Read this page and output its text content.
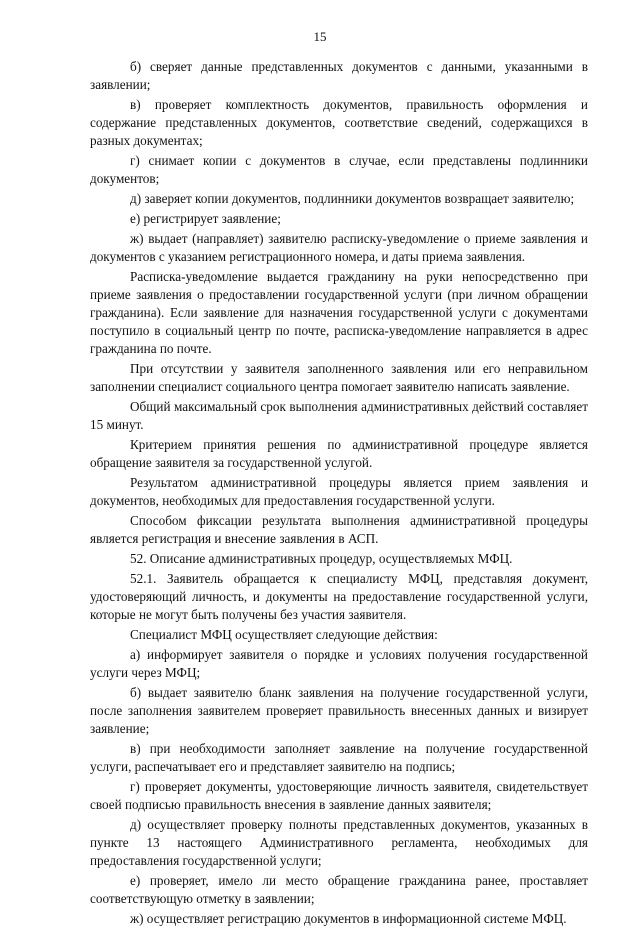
15

б) сверяет данные представленных документов с данными, указанными в заявлении;

в) проверяет комплектность документов, правильность оформления и содержание представленных документов, соответствие сведений, содержащихся в разных документах;

г) снимает копии с документов в случае, если представлены подлинники документов;

д) заверяет копии документов, подлинники документов возвращает заявителю;

е) регистрирует заявление;

ж) выдает (направляет) заявителю расписку-уведомление о приеме заявления и документов с указанием регистрационного номера, и даты приема заявления.

Расписка-уведомление выдается гражданину на руки непосредственно при приеме заявления о предоставлении государственной услуги (при личном обращении гражданина). Если заявление для назначения государственной услуги с документами поступило в социальный центр по почте, расписка-уведомление направляется в адрес гражданина по почте.

При отсутствии у заявителя заполненного заявления или его неправильном заполнении специалист социального центра помогает заявителю написать заявление.

Общий максимальный срок выполнения административных действий составляет 15 минут.

Критерием принятия решения по административной процедуре является обращение заявителя за государственной услугой.

Результатом административной процедуры является прием заявления и документов, необходимых для предоставления государственной услуги.

Способом фиксации результата выполнения административной процедуры является регистрация и внесение заявления в АСП.

52. Описание административных процедур, осуществляемых МФЦ.

52.1. Заявитель обращается к специалисту МФЦ, представляя документ, удостоверяющий личность, и документы на предоставление государственной услуги, которые не могут быть получены без участия заявителя.

Специалист МФЦ осуществляет следующие действия:

а) информирует заявителя о порядке и условиях получения государственной услуги через МФЦ;

б) выдает заявителю бланк заявления на получение государственной услуги, после заполнения заявителем проверяет правильность внесенных данных и визирует заявление;

в) при необходимости заполняет заявление на получение государственной услуги, распечатывает его и представляет заявителю на подпись;

г) проверяет документы, удостоверяющие личность заявителя, свидетельствует своей подписью правильность внесения в заявление данных заявителя;

д) осуществляет проверку полноты представленных документов, указанных в пункте 13 настоящего Административного регламента, необходимых для предоставления государственной услуги;

е) проверяет, имело ли место обращение гражданина ранее, проставляет соответствующую отметку в заявлении;

ж) осуществляет регистрацию документов в информационной системе МФЦ.
